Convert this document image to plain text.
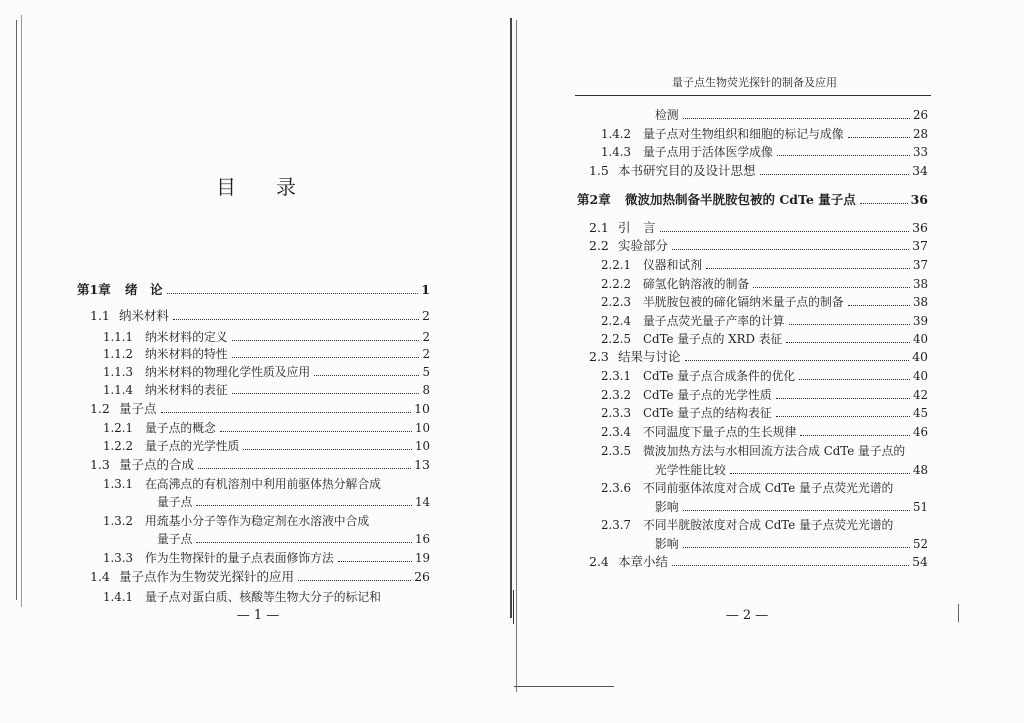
目录
第1章	绪　论	1
1.1 纳米材料	2
1.1.1	纳米材料的定义	2
1.1.2	纳米材料的特性	2
1.1.3	纳米材料的物理化学性质及应用	5
1.1.4	纳米材料的表征	8
1.2 量子点	10
1.2.1	量子点的概念	10
1.2.2	量子点的光学性质	10
1.3 量子点的合成	13
1.3.1	在高沸点的有机溶剂中利用前驱体热分解合成
量子点	14
1.3.2	用巯基小分子等作为稳定剂在水溶液中合成
量子点	16
1.3.3	作为生物探针的量子点表面修饰方法	19
1.4 量子点作为生物荧光探针的应用	26
1.4.1	量子点对蛋白质、核酸等生物大分子的标记和
— 1 —
量子点生物荧光探针的制备及应用
检测	26
1.4.2	量子点对生物组织和细胞的标记与成像	28
1.4.3	量子点用于活体医学成像	33
1.5 本书研究目的及设计思想	34
第2章	微波加热制备半胱胺包被的 CdTe 量子点	36
2.1 引　言	36
2.2 实验部分	37
2.2.1	仪器和试剂	37
2.2.2	碲氢化钠溶液的制备	38
2.2.3	半胱胺包被的碲化镉纳米量子点的制备	38
2.2.4	量子点荧光量子产率的计算	39
2.2.5	CdTe 量子点的 XRD 表征	40
2.3 结果与讨论	40
2.3.1	CdTe 量子点合成条件的优化	40
2.3.2	CdTe 量子点的光学性质	42
2.3.3	CdTe 量子点的结构表征	45
2.3.4	不同温度下量子点的生长规律	46
2.3.5	微波加热方法与水相回流方法合成 CdTe 量子点的
光学性能比较	48
2.3.6	不同前驱体浓度对合成 CdTe 量子点荧光光谱的
影响	51
2.3.7	不同半胱胺浓度对合成 CdTe 量子点荧光光谱的
影响	52
2.4 本章小结	54
— 2 —
